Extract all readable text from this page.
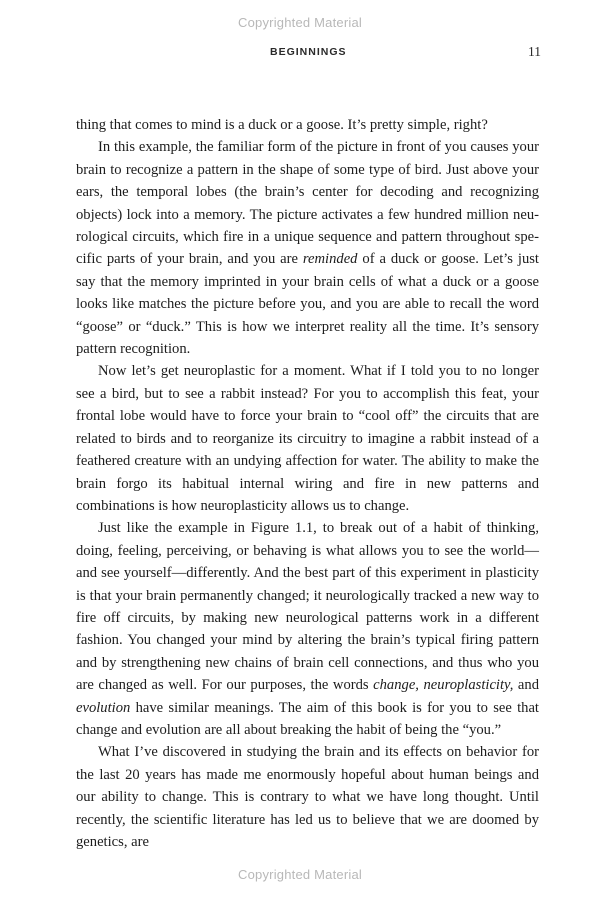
Copyrighted Material
BEGINNINGS	11

thing that comes to mind is a duck or a goose. It’s pretty simple, right?

In this example, the familiar form of the picture in front of you causes your brain to recognize a pattern in the shape of some type of bird. Just above your ears, the temporal lobes (the brain’s center for decoding and recognizing objects) lock into a memory. The picture activates a few hundred million neurological circuits, which fire in a unique sequence and pattern throughout specific parts of your brain, and you are reminded of a duck or goose. Let’s just say that the memory imprinted in your brain cells of what a duck or a goose looks like matches the picture before you, and you are able to recall the word “goose” or “duck.” This is how we interpret reality all the time. It’s sensory pattern recognition.

Now let’s get neuroplastic for a moment. What if I told you to no longer see a bird, but to see a rabbit instead? For you to accomplish this feat, your frontal lobe would have to force your brain to “cool off” the circuits that are related to birds and to reorganize its circuitry to imagine a rabbit instead of a feathered creature with an undying affection for water. The ability to make the brain forgo its habitual internal wiring and fire in new patterns and combinations is how neuroplasticity allows us to change.

Just like the example in Figure 1.1, to break out of a habit of thinking, doing, feeling, perceiving, or behaving is what allows you to see the world—and see yourself—differently. And the best part of this experiment in plasticity is that your brain permanently changed; it neurologically tracked a new way to fire off circuits, by making new neurological patterns work in a different fashion. You changed your mind by altering the brain’s typical firing pattern and by strengthening new chains of brain cell connections, and thus who you are changed as well. For our purposes, the words change, neuroplasticity, and evolution have similar meanings. The aim of this book is for you to see that change and evolution are all about breaking the habit of being the “you.”

What I’ve discovered in studying the brain and its effects on behavior for the last 20 years has made me enormously hopeful about human beings and our ability to change. This is contrary to what we have long thought. Until recently, the scientific literature has led us to believe that we are doomed by genetics, are

Copyrighted Material
